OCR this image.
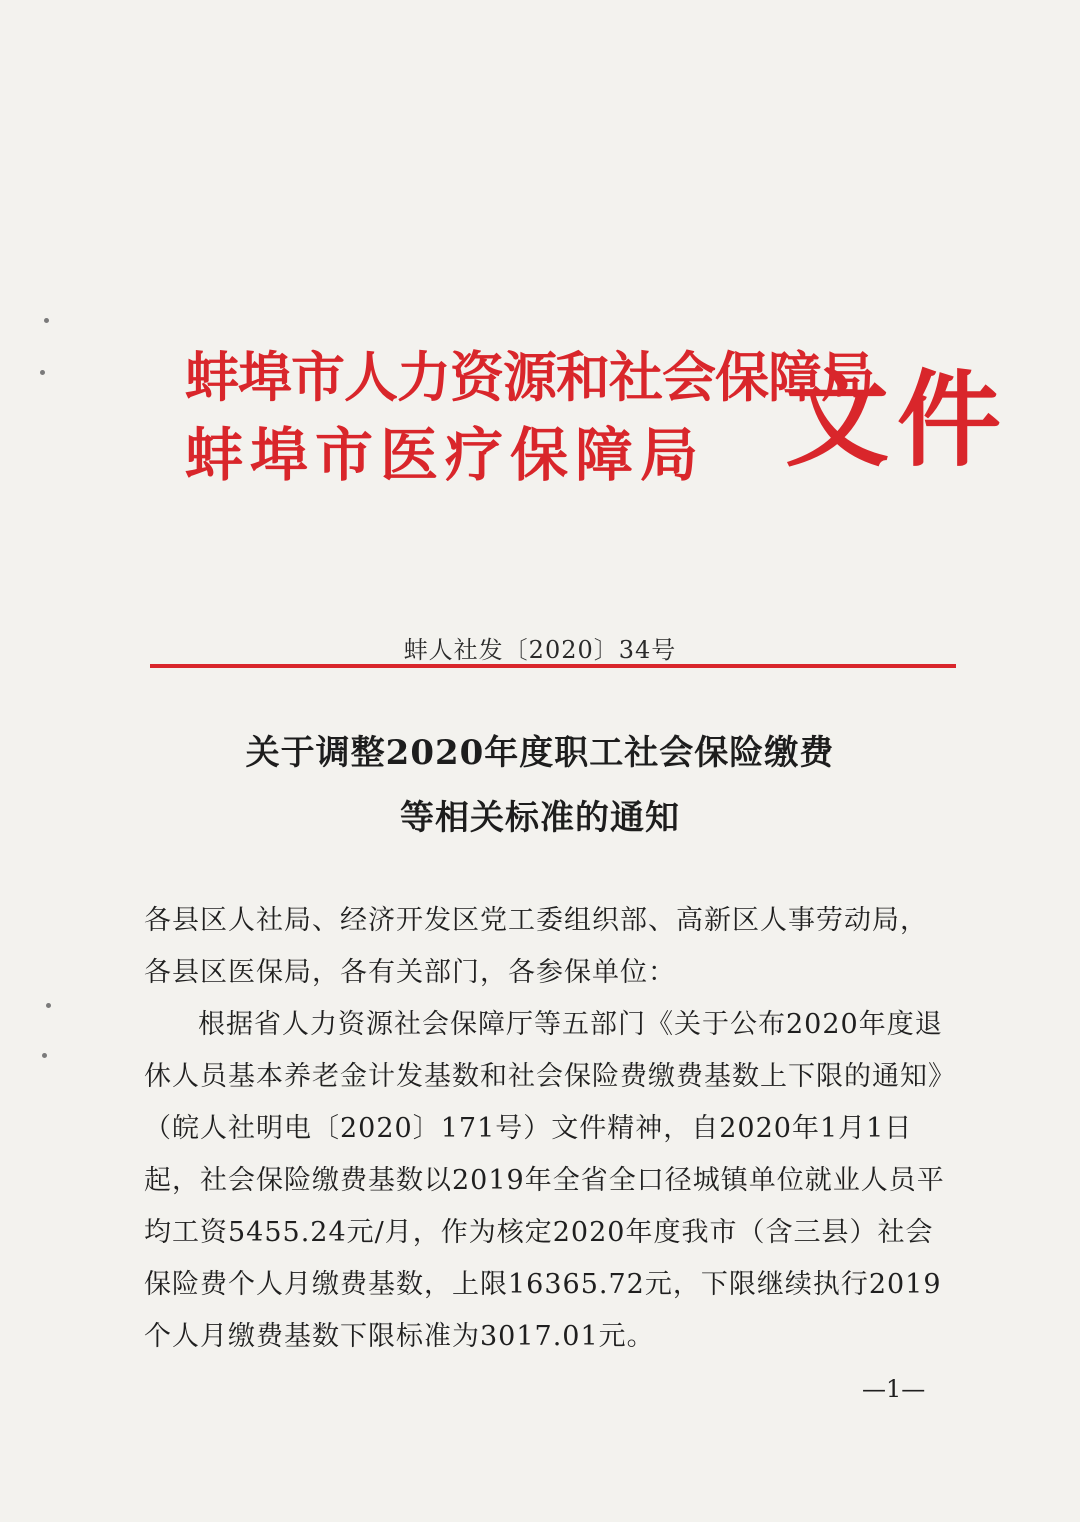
蚌埠市人力资源和社会保障局
蚌埠市医疗保障局 文件
蚌人社发〔2020〕34号
关于调整2020年度职工社会保险缴费
等相关标准的通知

各县区人社局、经济开发区党工委组织部、高新区人事劳动局，各县区医保局，各有关部门，各参保单位：

根据省人力资源社会保障厅等五部门《关于公布2020年度退休人员基本养老金计发基数和社会保险费缴费基数上下限的通知》（皖人社明电〔2020〕171号）文件精神，自2020年1月1日起，社会保险缴费基数以2019年全省全口径城镇单位就业人员平均工资5455.24元/月，作为核定2020年度我市（含三县）社会保险费个人月缴费基数，上限16365.72元，下限继续执行2019个人月缴费基数下限标准为3017.01元。

—1—
